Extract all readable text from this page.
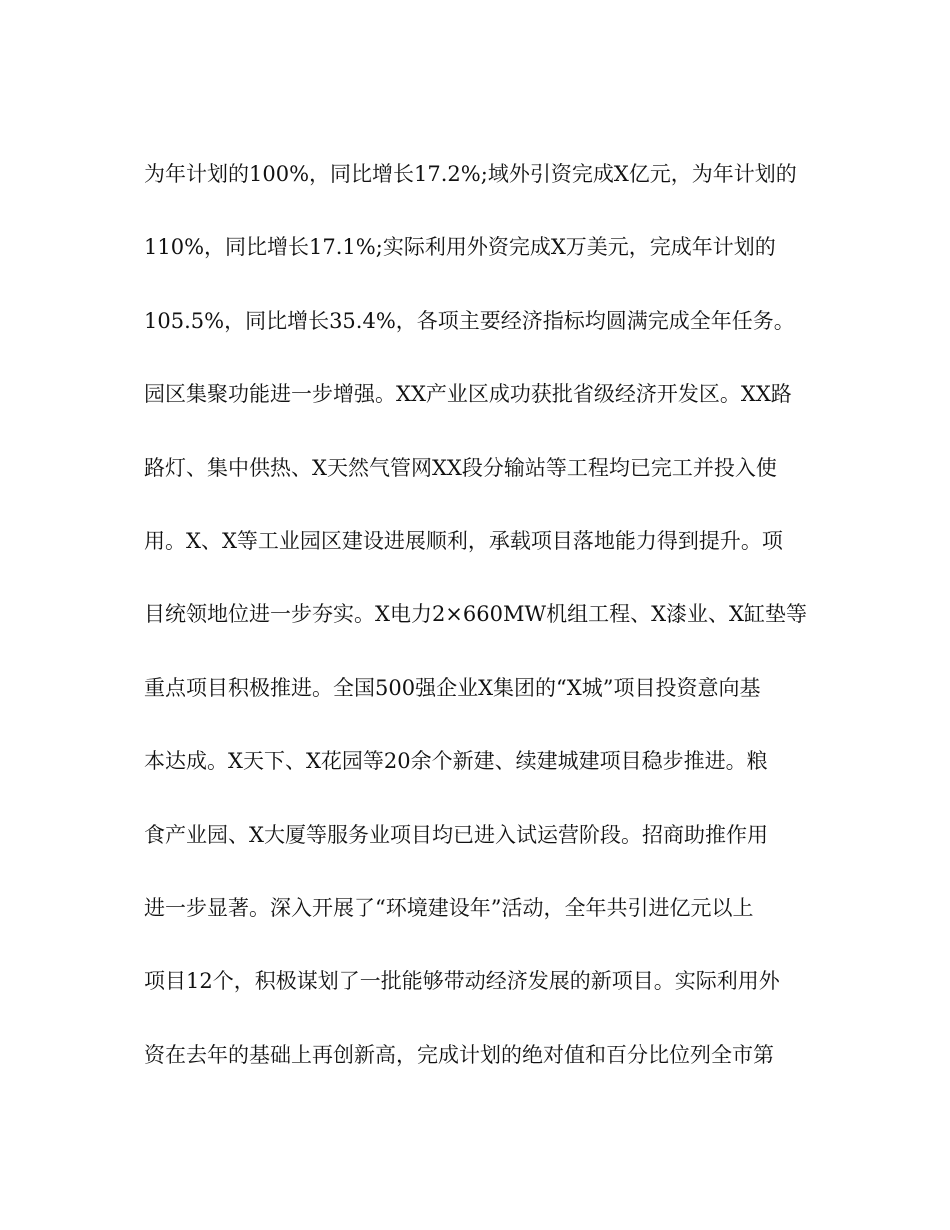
为年计划的100%，同比增长17.2%;域外引资完成X亿元，为年计划的
110%，同比增长17.1%;实际利用外资完成X万美元，完成年计划的
105.5%，同比增长35.4%，各项主要经济指标均圆满完成全年任务。
园区集聚功能进一步增强。XX产业区成功获批省级经济开发区。XX路
路灯、集中供热、X天然气管网XX段分输站等工程均已完工并投入使
用。X、X等工业园区建设进展顺利，承载项目落地能力得到提升。项
目统领地位进一步夯实。X电力2×660MW机组工程、X漆业、X缸垫等
重点项目积极推进。全国500强企业X集团的“X城”项目投资意向基
本达成。X天下、X花园等20余个新建、续建城建项目稳步推进。粮
食产业园、X大厦等服务业项目均已进入试运营阶段。招商助推作用
进一步显著。深入开展了“环境建设年”活动，全年共引进亿元以上
项目12个，积极谋划了一批能够带动经济发展的新项目。实际利用外
资在去年的基础上再创新高，完成计划的绝对值和百分比位列全市第
